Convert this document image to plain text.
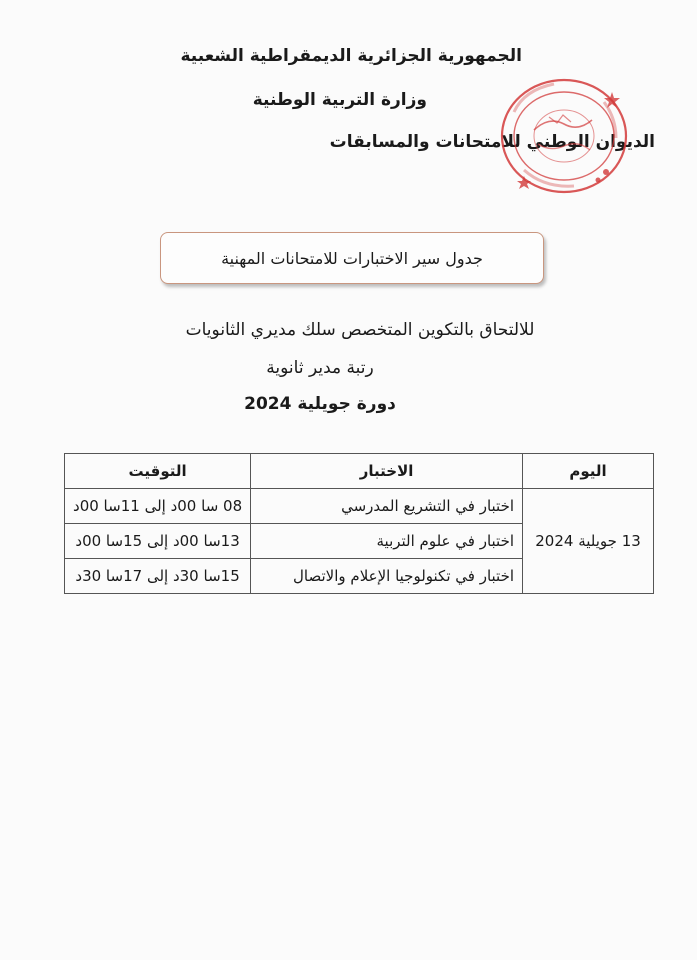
الجمهورية الجزائرية الديمقراطية الشعبية
وزارة التربية الوطنية
الديوان الوطني للامتحانات والمسابقات
جدول سير الاختبارات للامتحانات المهنية
للالتحاق بالتكوين المتخصص سلك مديري الثانويات
رتبة مدير ثانوية
دورة جويلية 2024
اليوم	الاختبار	التوقيت
13 جويلية 2024	اختبار في التشريع المدرسي	08 سا 00د إلى 11سا 00د
	اختبار في علوم التربية	13سا 00د إلى 15سا 00د
	اختبار في تكنولوجيا الإعلام والاتصال	15سا 30د إلى 17سا 30د
